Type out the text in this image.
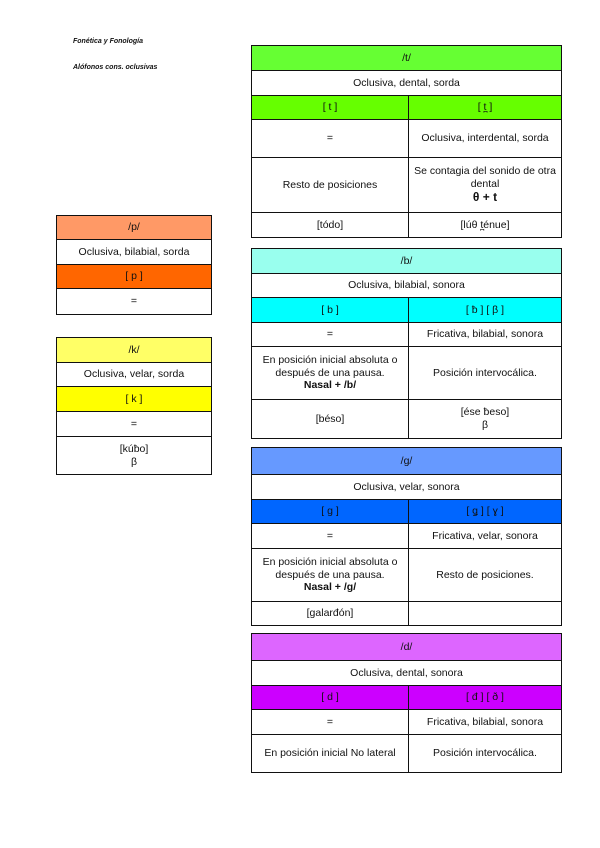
Fonética y Fonología
Alófonos cons. oclusivas
/p/
Oclusiva, bilabial, sorda
[ p ]
=
/k/
Oclusiva, velar, sorda
[ k ]
=
[kúƀo]
β
/t/	
Oclusiva, dental, sorda	
[ t ]	[ t̪ ]
=	Oclusiva, interdental, sorda
Resto de posiciones	Se contagia del sonido de otra dental
θ + t
[tódo]	[lúθ t̪énue]
/b/	
Oclusiva, bilabial, sonora	
[ b ]	[ ƀ ] [ β ]
=	Fricativa, bilabial, sonora
En posición inicial absoluta o después de una pausa.
Nasal + /b/	Posición intervocálica.
[béso]	[ése ƀeso]
β
/g/	
Oclusiva, velar, sonora	
[ g ]	[ ǥ ] [ ɣ ]
=	Fricativa, velar, sonora
En posición inicial absoluta o después de una pausa.
Nasal + /g/	Resto de posiciones.
[galarđón]	
/d/	
Oclusiva, dental, sonora	
[ d ]	[ đ ] [ ð ]
=	Fricativa, bilabial, sonora
En posición inicial No lateral	Posición intervocálica.
